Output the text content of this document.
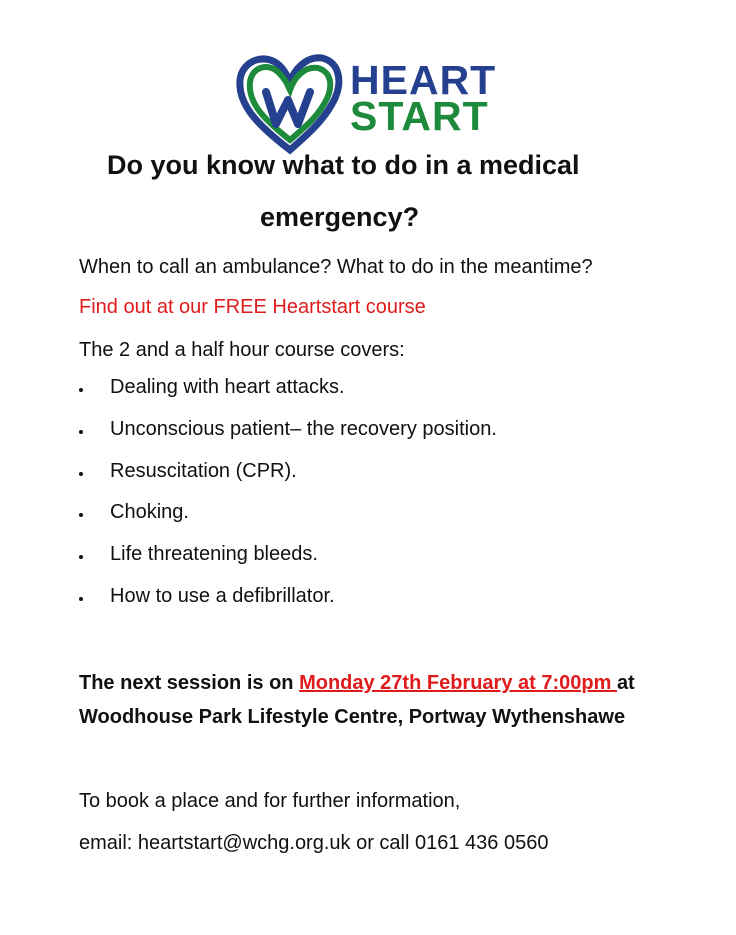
HEART
START
Do you know what to do in a medical
emergency?
When to call an ambulance? What to do in the meantime?
Find out at our FREE Heartstart course
The 2 and a half hour course covers:
Dealing with heart attacks.
Unconscious patient– the recovery position.
Resuscitation (CPR).
Choking.
Life threatening bleeds.
How to use a defibrillator.
The next session is on Monday 27th February at 7:00pm at
Woodhouse Park Lifestyle Centre, Portway Wythenshawe
To book a place and for further information,
email: heartstart@wchg.org.uk or call 0161 436 0560
